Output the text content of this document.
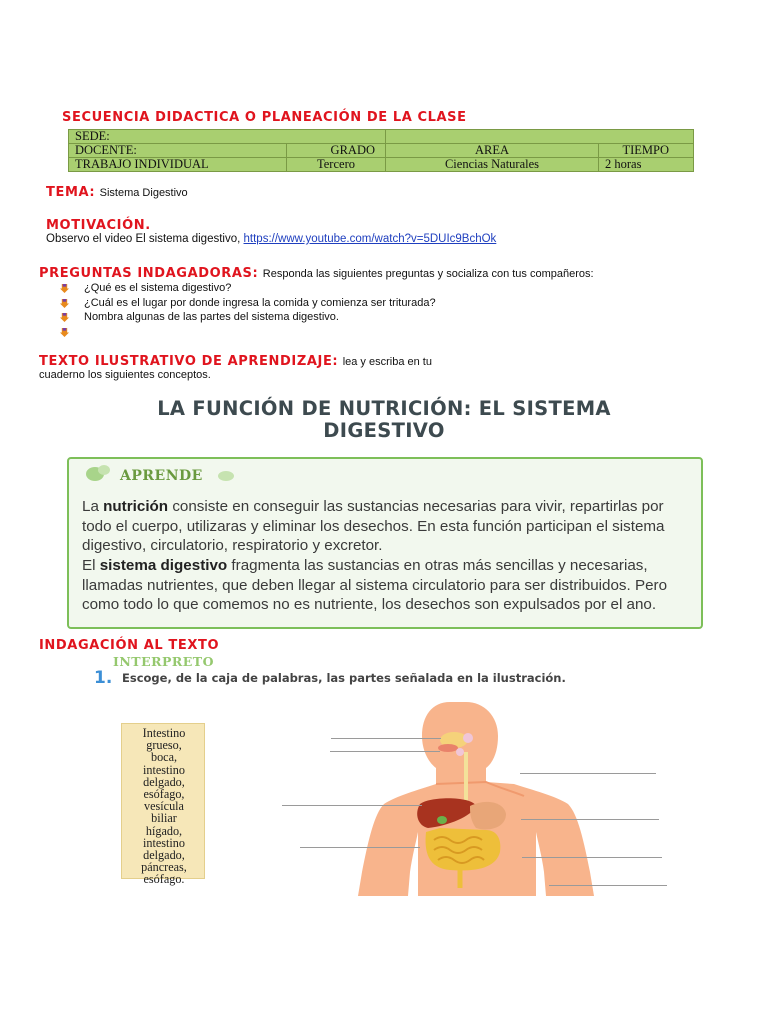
SECUENCIA DIDACTICA O PLANEACIÓN DE LA CLASE
SEDE:			
DOCENTE:	GRADO	AREA	TIEMPO
TRABAJO INDIVIDUAL	Tercero	Ciencias Naturales	2 horas
TEMA: Sistema Digestivo
MOTIVACIÓN.
Observo el video El sistema digestivo, https://www.youtube.com/watch?v=5DUIc9BchOk
PREGUNTAS INDAGADORAS: Responda las siguientes preguntas y socializa con tus compañeros:
¿Qué es el sistema digestivo?
¿Cuál es el lugar por donde ingresa la comida y comienza ser triturada?
Nombra algunas de las partes del sistema digestivo.
TEXTO ILUSTRATIVO DE APRENDIZAJE: lea y escriba en tu
cuaderno los siguientes conceptos.
LA FUNCIÓN DE NUTRICIÓN: EL SISTEMA
DIGESTIVO
APRENDE
La nutrición consiste en conseguir las sustancias necesarias para vivir, repartirlas por todo el cuerpo, utilizaras y eliminar los desechos. En esta función participan el sistema digestivo, circulatorio, respiratorio y excretor.
El sistema digestivo fragmenta las sustancias en otras más sencillas y necesarias, llamadas nutrientes, que deben llegar al sistema circulatorio para ser distribuidos. Pero como todo lo que comemos no es nutriente, los desechos son expulsados por el ano.
INDAGACIÓN AL TEXTO
INTERPRETO
1. Escoge, de la caja de palabras, las partes señalada en la ilustración.
Intestino
grueso,
boca,
intestino
delgado,
esófago,
vesícula
biliar
hígado,
intestino
delgado,
páncreas,
esófago.
